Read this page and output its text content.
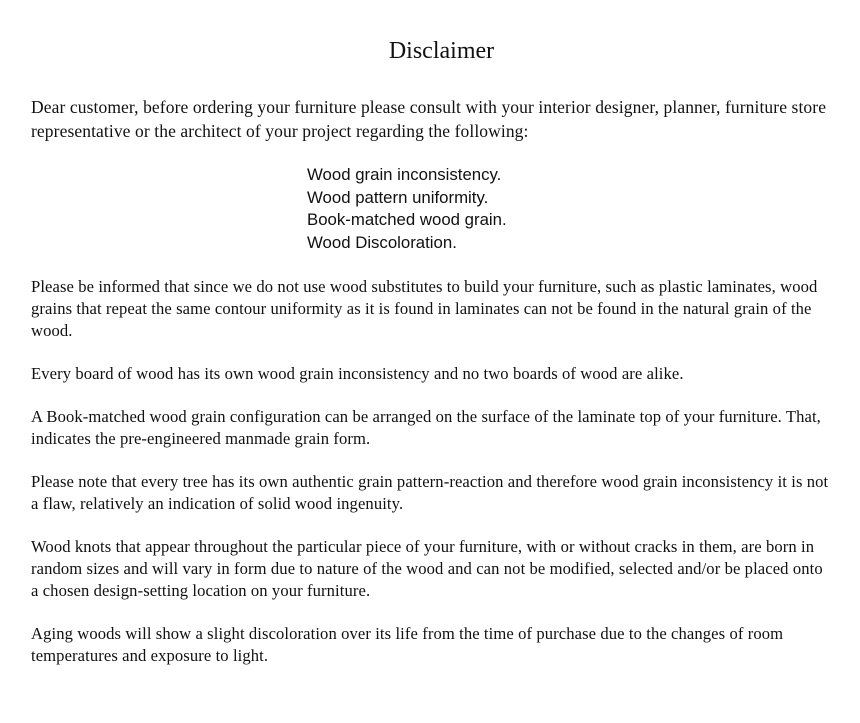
Disclaimer

Dear customer, before ordering your furniture please consult with your interior designer, planner, furniture store representative or the architect of your project regarding the following:

Wood grain inconsistency.
Wood pattern uniformity.
Book-matched wood grain.
Wood Discoloration.

Please be informed that since we do not use wood substitutes to build your furniture, such as plastic laminates, wood grains that repeat the same contour uniformity as it is found in laminates can not be found in the natural grain of the wood.

Every board of wood has its own wood grain inconsistency and no two boards of wood are alike.

A Book-matched wood grain configuration can be arranged on the surface of the laminate top of your furniture. That, indicates the pre-engineered manmade grain form.

Please note that every tree has its own authentic grain pattern-reaction and therefore wood grain inconsistency it is not a flaw, relatively an indication of solid wood ingenuity.

Wood knots that appear throughout the particular piece of your furniture, with or without cracks in them, are born in random sizes and will vary in form due to nature of the wood and can not be modified, selected and/or be placed onto a chosen design-setting location on your furniture.

Aging woods will show a slight discoloration over its life from the time of purchase due to the changes of room temperatures and exposure to light.
